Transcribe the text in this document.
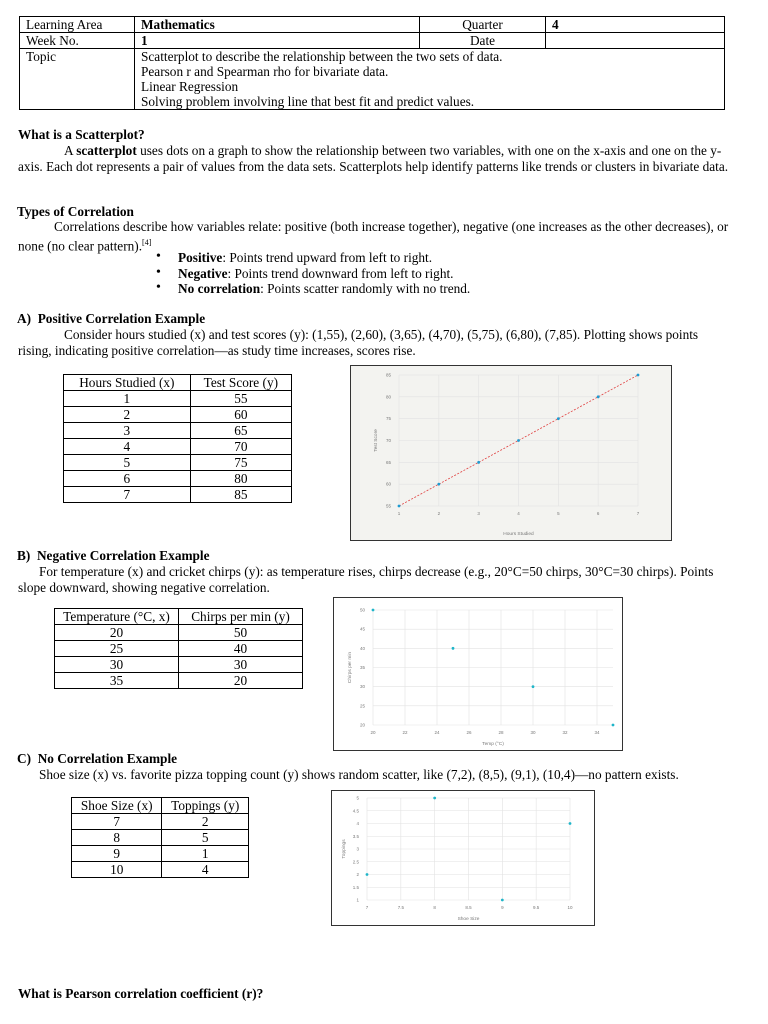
Learning Area	Mathematics	Quarter	4
Week No.	1	Date	
Topic	Scatterplot to describe the relationship between the two sets of data.
Pearson r and Spearman rho for bivariate data.
Linear Regression
Solving problem involving line that best fit and predict values.		
What is a Scatterplot?
A scatterplot uses dots on a graph to show the relationship between two variables, with one on the x-axis and one on the y-axis. Each dot represents a pair of values from the data sets. Scatterplots help identify patterns like trends or clusters in bivariate data.
Types of Correlation
Correlations describe how variables relate: positive (both increase together), negative (one increases as the other decreases), or none (no clear pattern).[4]
• Positive: Points trend upward from left to right.
• Negative: Points trend downward from left to right.
• No correlation: Points scatter randomly with no trend.
A) Positive Correlation Example
Consider hours studied (x) and test scores (y): (1,55), (2,60), (3,65), (4,70), (5,75), (6,80), (7,85). Plotting shows points rising, indicating positive correlation—as study time increases, scores rise.
Hours Studied (x)	Test Score (y)
1	55
2	60
3	65
4	70
5	75
6	80
7	85
1	2	3	4	5	6	7
55
60
65
70
75
80
85
Hours Studied
Test Score
B) Negative Correlation Example
For temperature (x) and cricket chirps (y): as temperature rises, chirps decrease (e.g., 20°C=50 chirps, 30°C=30 chirps). Points slope downward, showing negative correlation.
Temperature (°C, x)	Chirps per min (y)
20	50
25	40
30	30
35	20
20	22	24	26	28	30	32	34
20
25
30
35
40
45
50
Temp (°C)
Chirps per min
C) No Correlation Example
Shoe size (x) vs. favorite pizza topping count (y) shows random scatter, like (7,2), (8,5), (9,1), (10,4)—no pattern exists.
Shoe Size (x)	Toppings (y)
7	2
8	5
9	1
10	4
7	7.5	8	8.5	9	9.5	10
1
1.5
2
2.5
3
3.5
4
4.5
5
Shoe Size
Toppings
What is Pearson correlation coefficient (r)?
